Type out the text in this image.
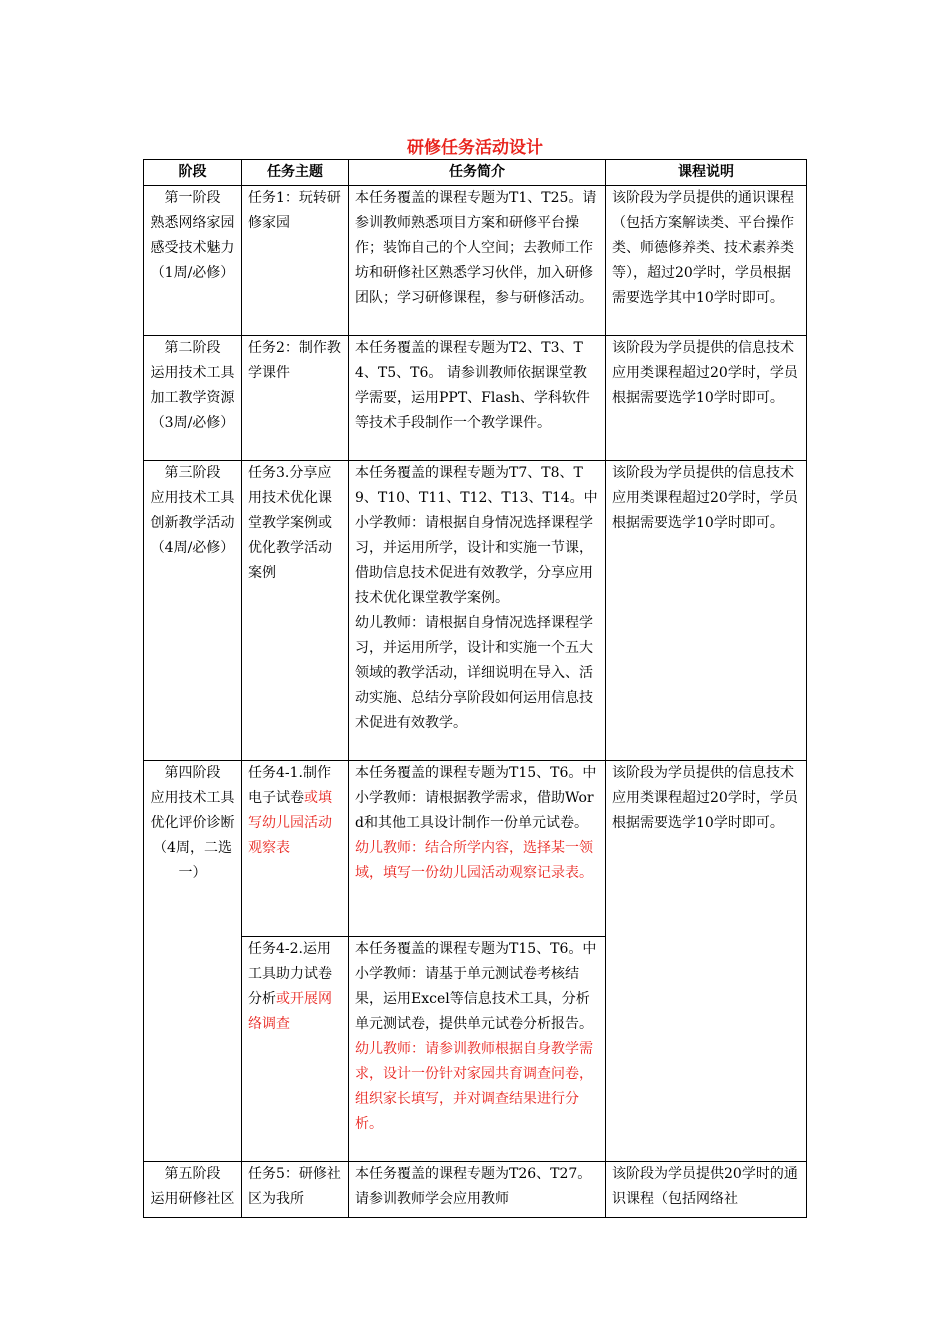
研修任务活动设计
阶段	任务主题	任务简介	课程说明

第一阶段
熟悉网络家园
感受技术魅力
（1周/必修）	任务1：玩转研修家园	本任务覆盖的课程专题为T1、T25。请参训教师熟悉项目方案和研修平台操作；装饰自己的个人空间；去教师工作坊和研修社区熟悉学习伙伴，加入研修团队；学习研修课程，参与研修活动。	该阶段为学员提供的通识课程（包括方案解读类、平台操作类、师德修养类、技术素养类等），超过20学时，学员根据需要选学其中10学时即可。

第二阶段
运用技术工具
加工教学资源
（3周/必修）	任务2：制作教学课件	本任务覆盖的课程专题为T2、T3、T4、T5、T6。 请参训教师依据课堂教学需要，运用PPT、Flash、学科软件等技术手段制作一个教学课件。	该阶段为学员提供的信息技术应用类课程超过20学时，学员根据需要选学10学时即可。

第三阶段
应用技术工具
创新教学活动
（4周/必修）	任务3.分享应用技术优化课堂教学案例或优化教学活动案例	本任务覆盖的课程专题为T7、T8、T9、T10、T11、T12、T13、T14。中小学教师：请根据自身情况选择课程学习，并运用所学，设计和实施一节课，借助信息技术促进有效教学，分享应用技术优化课堂教学案例。
幼儿教师：请根据自身情况选择课程学习，并运用所学，设计和实施一个五大领域的教学活动，详细说明在导入、活动实施、总结分享阶段如何运用信息技术促进有效教学。	该阶段为学员提供的信息技术应用类课程超过20学时，学员根据需要选学10学时即可。

第四阶段
应用技术工具
优化评价诊断
（4周，二选一）	任务4-1.制作电子试卷或填写幼儿园活动观察表	本任务覆盖的课程专题为T15、T6。中小学教师：请根据教学需求，借助Word和其他工具设计制作一份单元试卷。
幼儿教师：结合所学内容，选择某一领域，填写一份幼儿园活动观察记录表。	该阶段为学员提供的信息技术应用类课程超过20学时，学员根据需要选学10学时即可。
	任务4-2.运用工具助力试卷分析或开展网络调查	本任务覆盖的课程专题为T15、T6。中小学教师：请基于单元测试卷考核结果，运用Excel等信息技术工具，分析单元测试卷，提供单元试卷分析报告。
幼儿教师：请参训教师根据自身教学需求，设计一份针对家园共育调查问卷，组织家长填写，并对调查结果进行分析。	

第五阶段
运用研修社区	任务5：研修社区为我所	本任务覆盖的课程专题为T26、T27。请参训教师学会应用教师	该阶段为学员提供20学时的通识课程（包括网络社
